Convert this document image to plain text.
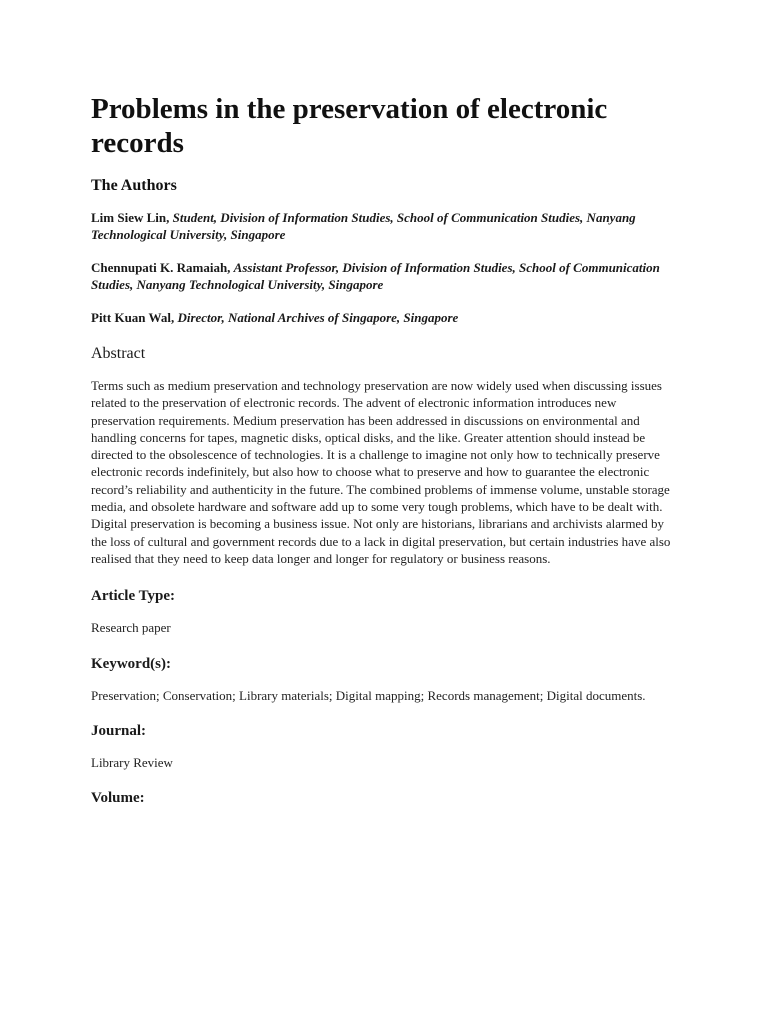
Problems in the preservation of electronic records
The Authors
Lim Siew Lin, Student, Division of Information Studies, School of Communication Studies, Nanyang Technological University, Singapore
Chennupati K. Ramaiah, Assistant Professor, Division of Information Studies, School of Communication Studies, Nanyang Technological University, Singapore
Pitt Kuan Wal, Director, National Archives of Singapore, Singapore
Abstract

Terms such as medium preservation and technology preservation are now widely used when discussing issues related to the preservation of electronic records. The advent of electronic information introduces new preservation requirements. Medium preservation has been addressed in discussions on environmental and handling concerns for tapes, magnetic disks, optical disks, and the like. Greater attention should instead be directed to the obsolescence of technologies. It is a challenge to imagine not only how to technically preserve electronic records indefinitely, but also how to choose what to preserve and how to guarantee the electronic record’s reliability and authenticity in the future. The combined problems of immense volume, unstable storage media, and obsolete hardware and software add up to some very tough problems, which have to be dealt with. Digital preservation is becoming a business issue. Not only are historians, librarians and archivists alarmed by the loss of cultural and government records due to a lack in digital preservation, but certain industries have also realised that they need to keep data longer and longer for regulatory or business reasons.

Article Type:

Research paper

Keyword(s):

Preservation; Conservation; Library materials; Digital mapping; Records management; Digital documents.

Journal:

Library Review

Volume:
